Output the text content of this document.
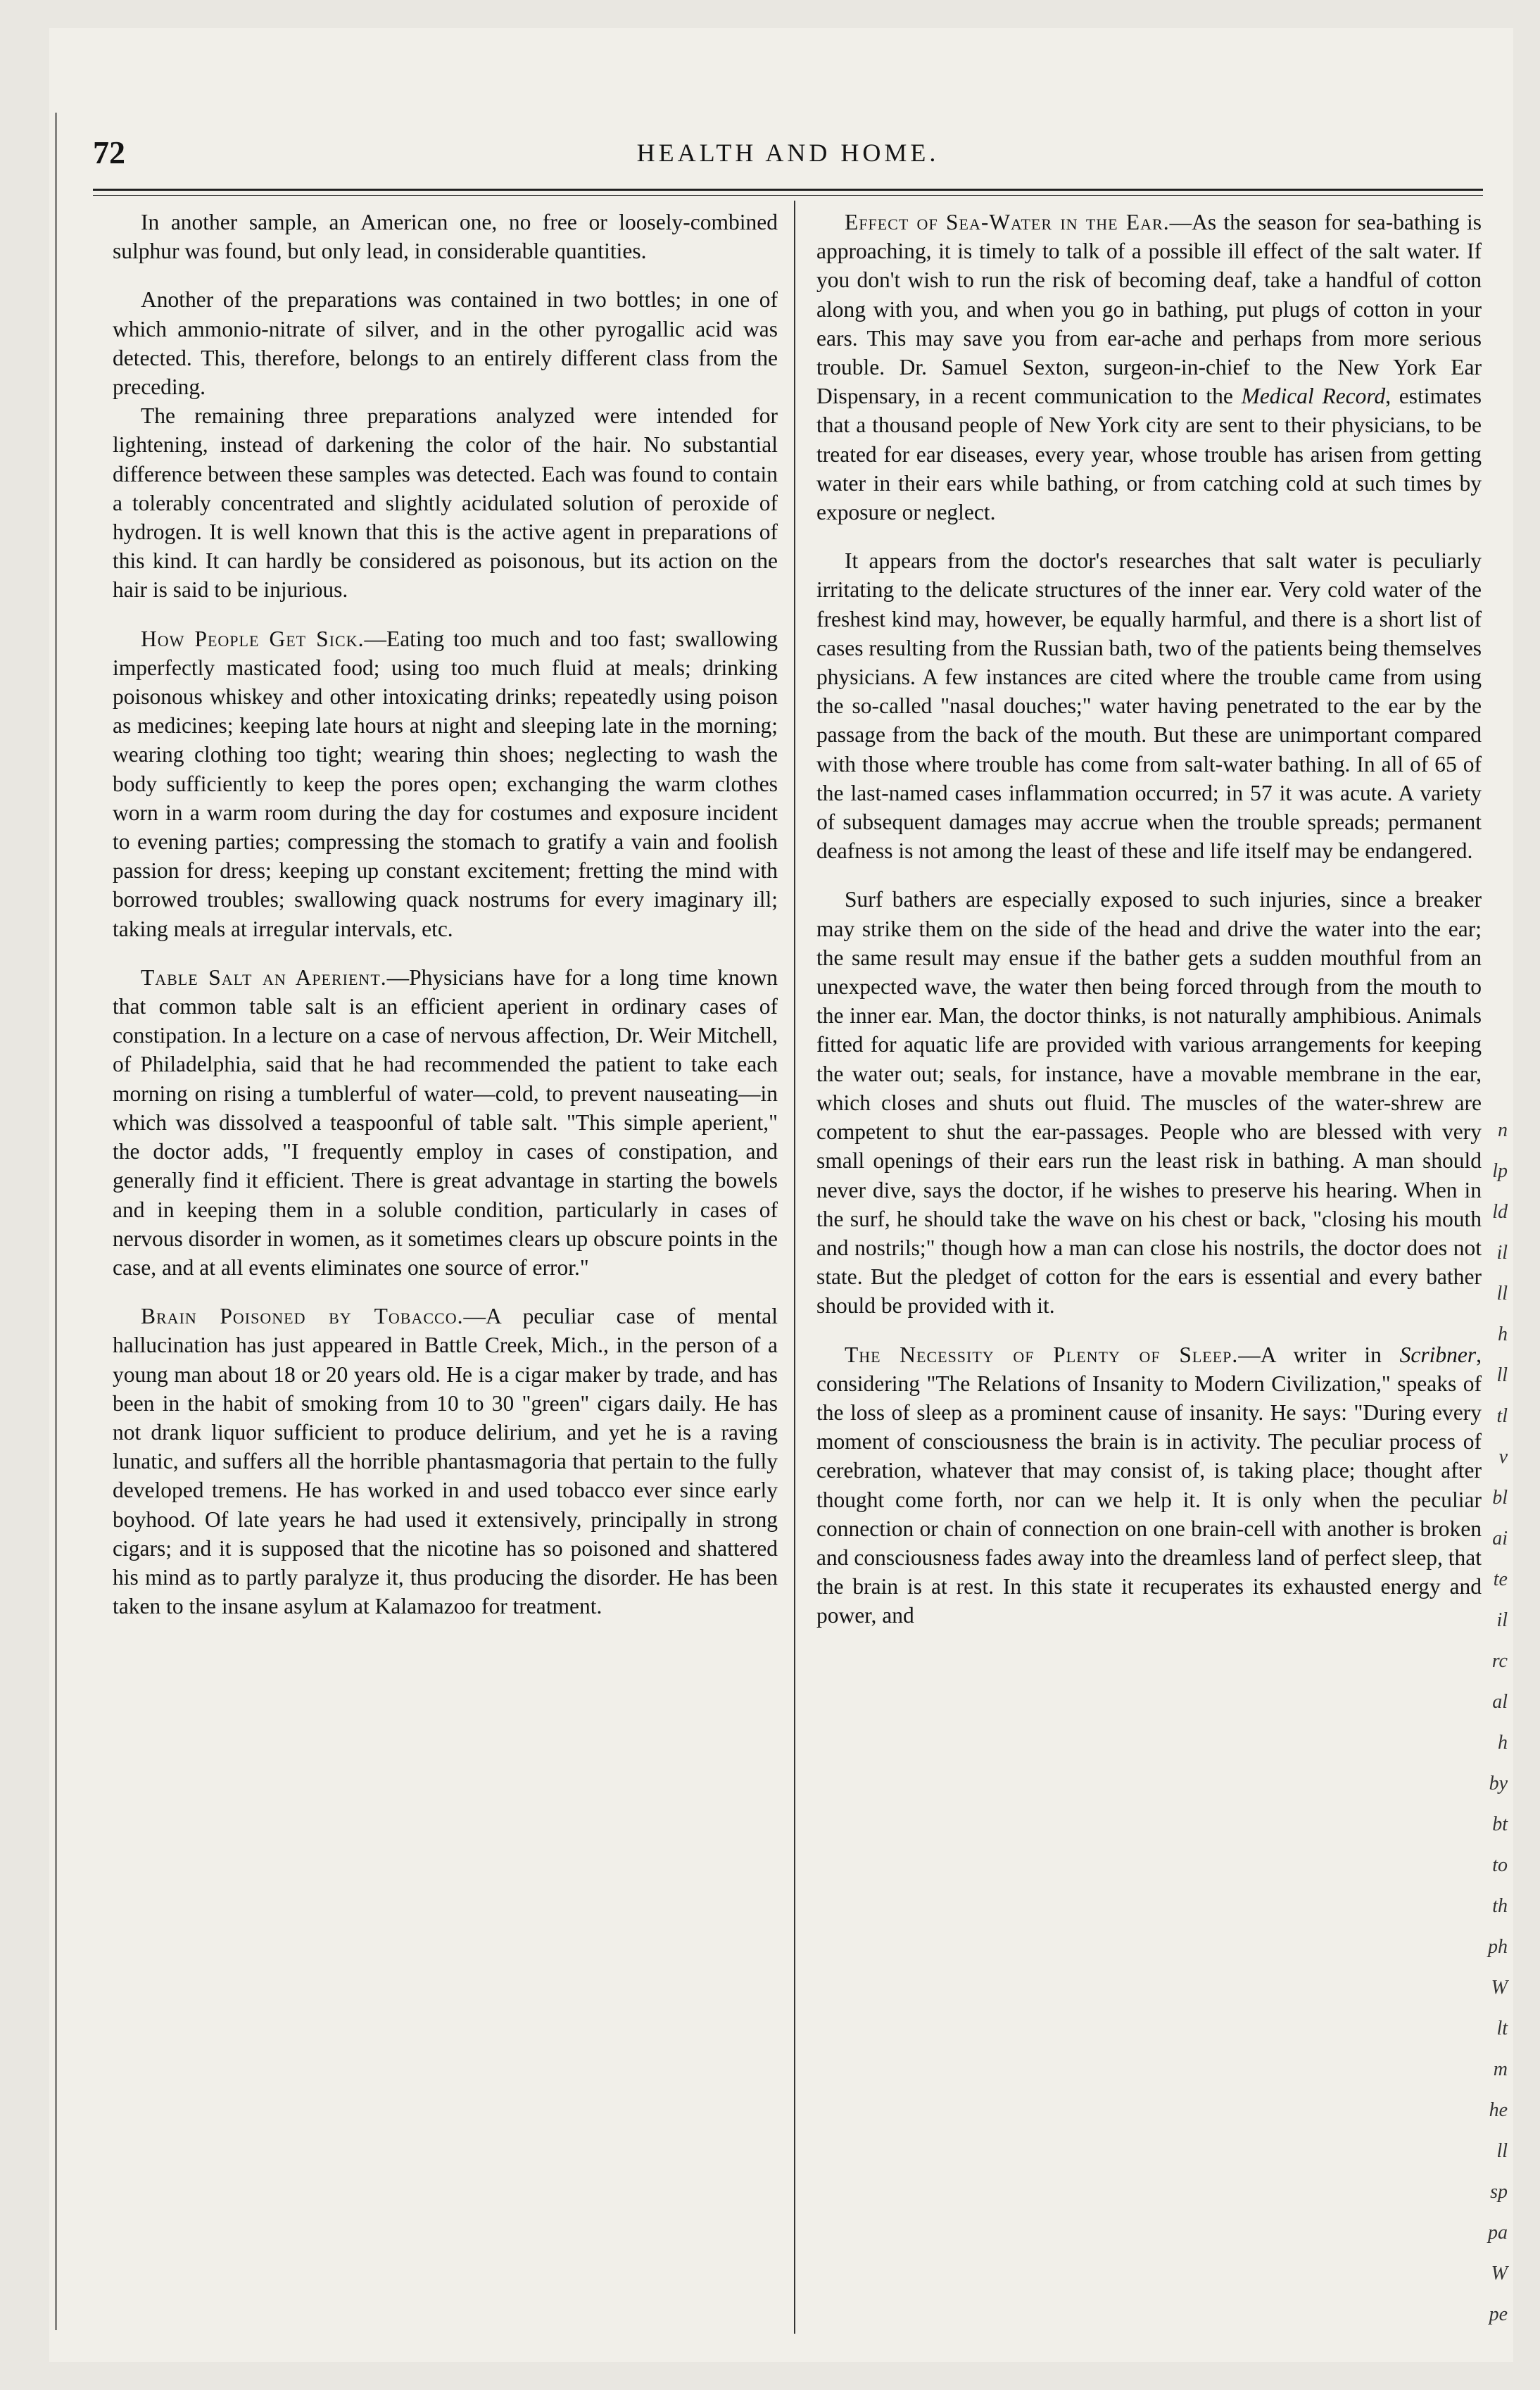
72	HEALTH AND HOME.

In another sample, an American one, no free or loosely-combined sulphur was found, but only lead, in considerable quantities.

Another of the preparations was contained in two bottles; in one of which ammonio-nitrate of silver, and in the other pyrogallic acid was detected. This, therefore, belongs to an entirely different class from the preceding.

The remaining three preparations analyzed were intended for lightening, instead of darkening the color of the hair. No substantial difference between these samples was detected. Each was found to contain a tolerably concentrated and slightly acidulated solution of peroxide of hydrogen. It is well known that this is the active agent in preparations of this kind. It can hardly be considered as poisonous, but its action on the hair is said to be injurious.

How People Get Sick.—Eating too much and too fast; swallowing imperfectly masticated food; using too much fluid at meals; drinking poisonous whiskey and other intoxicating drinks; repeatedly using poison as medicines; keeping late hours at night and sleeping late in the morning; wearing clothing too tight; wearing thin shoes; neglecting to wash the body sufficiently to keep the pores open; exchanging the warm clothes worn in a warm room during the day for costumes and exposure incident to evening parties; compressing the stomach to gratify a vain and foolish passion for dress; keeping up constant excitement; fretting the mind with borrowed troubles; swallowing quack nostrums for every imaginary ill; taking meals at irregular intervals, etc.

Table Salt an Aperient.—Physicians have for a long time known that common table salt is an efficient aperient in ordinary cases of constipation. In a lecture on a case of nervous affection, Dr. Weir Mitchell, of Philadelphia, said that he had recommended the patient to take each morning on rising a tumblerful of water—cold, to prevent nauseating—in which was dissolved a teaspoonful of table salt. "This simple aperient," the doctor adds, "I frequently employ in cases of constipation, and generally find it efficient. There is great advantage in starting the bowels and in keeping them in a soluble condition, particularly in cases of nervous disorder in women, as it sometimes clears up obscure points in the case, and at all events eliminates one source of error."

Brain Poisoned by Tobacco.—A peculiar case of mental hallucination has just appeared in Battle Creek, Mich., in the person of a young man about 18 or 20 years old. He is a cigar maker by trade, and has been in the habit of smoking from 10 to 30 "green" cigars daily. He has not drank liquor sufficient to produce delirium, and yet he is a raving lunatic, and suffers all the horrible phantasmagoria that pertain to the fully developed tremens. He has worked in and used tobacco ever since early boyhood. Of late years he had used it extensively, principally in strong cigars; and it is supposed that the nicotine has so poisoned and shattered his mind as to partly paralyze it, thus producing the disorder. He has been taken to the insane asylum at Kalamazoo for treatment.

Effect of Sea-Water in the Ear.—As the season for sea-bathing is approaching, it is timely to talk of a possible ill effect of the salt water. If you don't wish to run the risk of becoming deaf, take a handful of cotton along with you, and when you go in bathing, put plugs of cotton in your ears. This may save you from ear-ache and perhaps from more serious trouble. Dr. Samuel Sexton, surgeon-in-chief to the New York Ear Dispensary, in a recent communication to the Medical Record, estimates that a thousand people of New York city are sent to their physicians, to be treated for ear diseases, every year, whose trouble has arisen from getting water in their ears while bathing, or from catching cold at such times by exposure or neglect.

It appears from the doctor's researches that salt water is peculiarly irritating to the delicate structures of the inner ear. Very cold water of the freshest kind may, however, be equally harmful, and there is a short list of cases resulting from the Russian bath, two of the patients being themselves physicians. A few instances are cited where the trouble came from using the so-called "nasal douches;" water having penetrated to the ear by the passage from the back of the mouth. But these are unimportant compared with those where trouble has come from salt-water bathing. In all of 65 of the last-named cases inflammation occurred; in 57 it was acute. A variety of subsequent damages may accrue when the trouble spreads; permanent deafness is not among the least of these and life itself may be endangered.

Surf bathers are especially exposed to such injuries, since a breaker may strike them on the side of the head and drive the water into the ear; the same result may ensue if the bather gets a sudden mouthful from an unexpected wave, the water then being forced through from the mouth to the inner ear. Man, the doctor thinks, is not naturally amphibious. Animals fitted for aquatic life are provided with various arrangements for keeping the water out; seals, for instance, have a movable membrane in the ear, which closes and shuts out fluid. The muscles of the water-shrew are competent to shut the ear-passages. People who are blessed with very small openings of their ears run the least risk in bathing. A man should never dive, says the doctor, if he wishes to preserve his hearing. When in the surf, he should take the wave on his chest or back, "closing his mouth and nostrils;" though how a man can close his nostrils, the doctor does not state. But the pledget of cotton for the ears is essential and every bather should be provided with it.

The Necessity of Plenty of Sleep.—A writer in Scribner, considering "The Relations of Insanity to Modern Civilization," speaks of the loss of sleep as a prominent cause of insanity. He says: "During every moment of consciousness the brain is in activity. The peculiar process of cerebration, whatever that may consist of, is taking place; thought after thought come forth, nor can we help it. It is only when the peculiar connection or chain of connection on one brain-cell with another is broken and consciousness fades away into the dreamless land of perfect sleep, that the brain is at rest. In this state it recuperates its exhausted energy and power, and

n
lp
ld
il
ll
h
ll
tl
v
bl
ai
te
il
rc
al
h
by
bt
to
th
ph
W
lt
m
he
ll
sp
pa
W
pe
